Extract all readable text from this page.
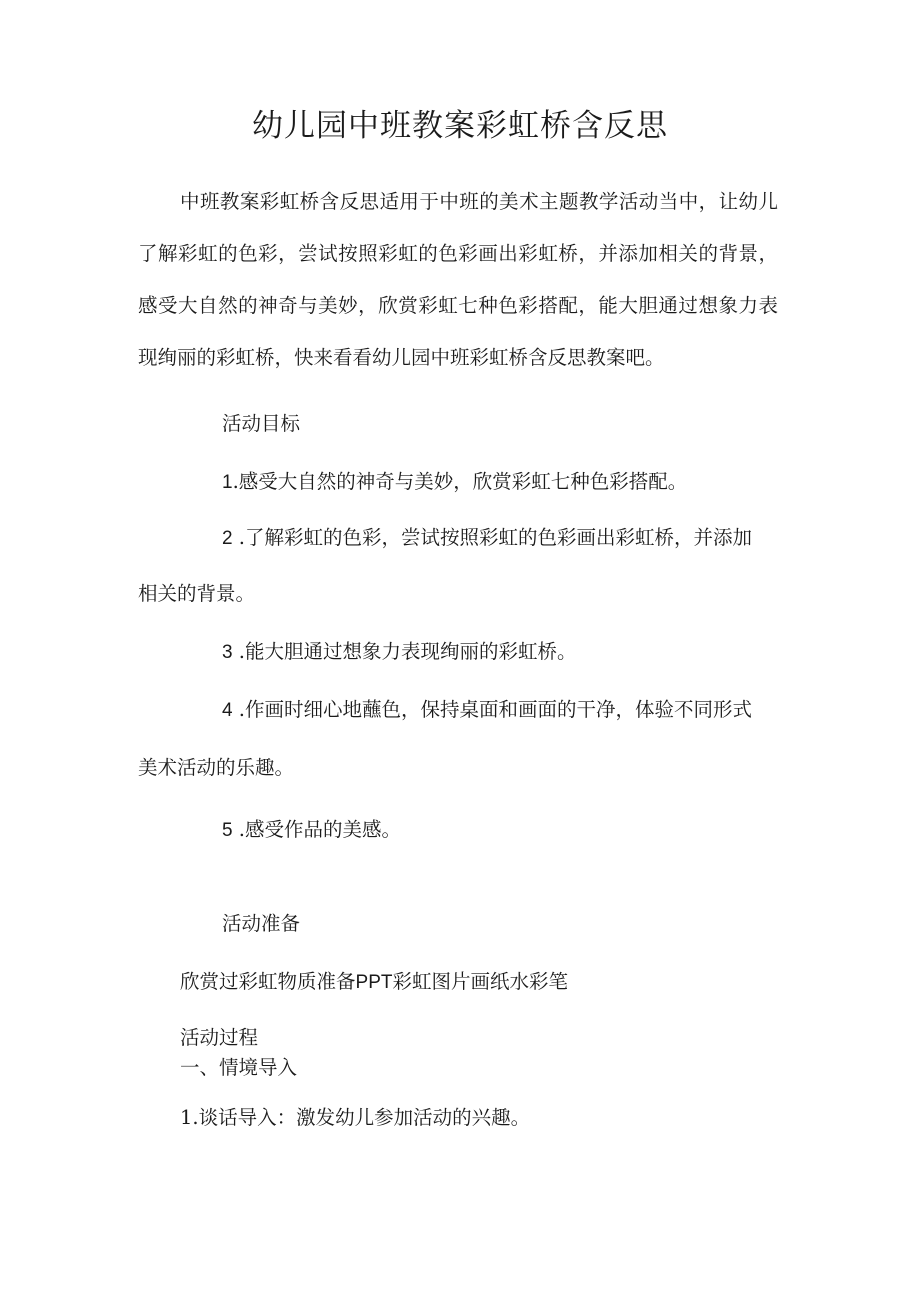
幼儿园中班教案彩虹桥含反思

中班教案彩虹桥含反思适用于中班的美术主题教学活动当中，让幼儿了解彩虹的色彩，尝试按照彩虹的色彩画出彩虹桥，并添加相关的背景，感受大自然的神奇与美妙，欣赏彩虹七种色彩搭配，能大胆通过想象力表现绚丽的彩虹桥，快来看看幼儿园中班彩虹桥含反思教案吧。

活动目标

1.感受大自然的神奇与美妙，欣赏彩虹七种色彩搭配。

2 .了解彩虹的色彩，尝试按照彩虹的色彩画出彩虹桥，并添加

相关的背景。

3 .能大胆通过想象力表现绚丽的彩虹桥。

4 .作画时细心地蘸色，保持桌面和画面的干净，体验不同形式

美术活动的乐趣。

5 .感受作品的美感。

活动准备

欣赏过彩虹物质准备PPT彩虹图片画纸水彩笔

活动过程

一、情境导入

1.谈话导入：激发幼儿参加活动的兴趣。
